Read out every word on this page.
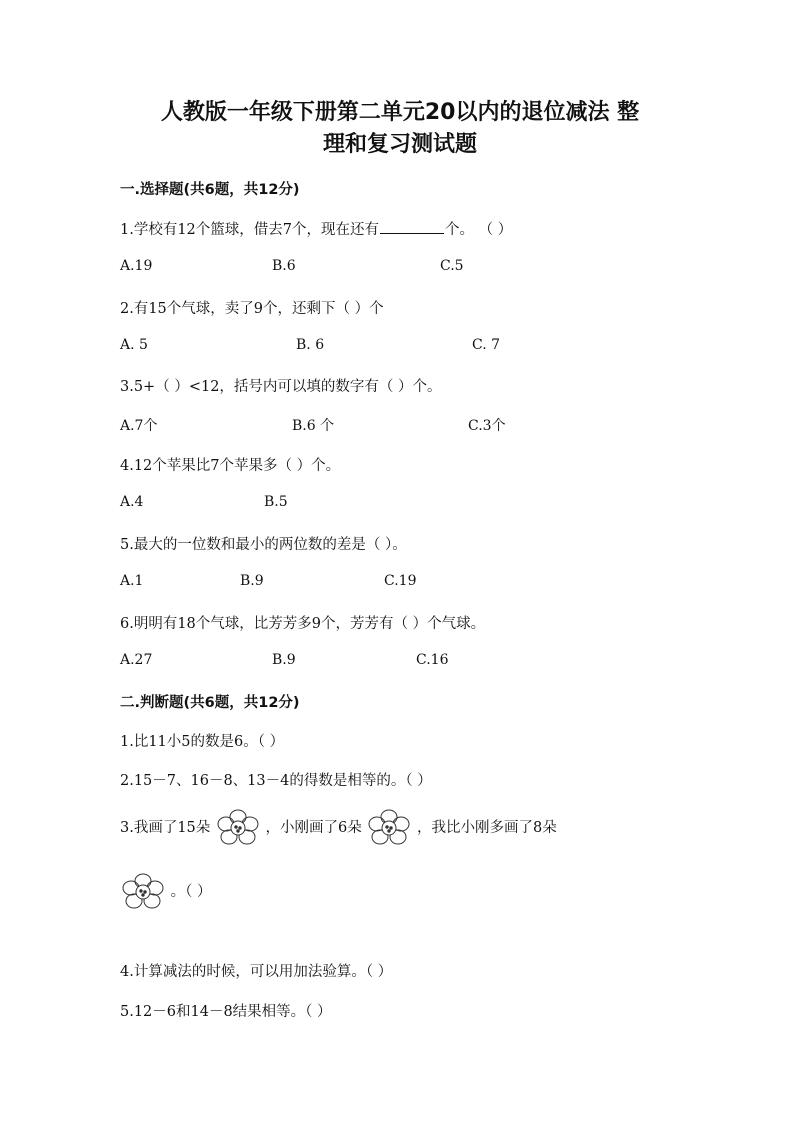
人教版一年级下册第二单元20以内的退位减法 整
理和复习测试题
一.选择题(共6题，共12分)
1.学校有12个篮球，借去7个，现在还有	个。 （ ）
A.19	B.6	C.5
2.有15个气球，卖了9个，还剩下（ ）个
A. 5	B. 6	C. 7
3.5+（ ）<12，括号内可以填的数字有（ ）个。
A.7个	B.6 个	C.3个
4.12个苹果比7个苹果多（ ）个。
A.4	B.5
5.最大的一位数和最小的两位数的差是（ ）。
A.1	B.9	C.19
6.明明有18个气球，比芳芳多9个，芳芳有（ ）个气球。
A.27	B.9	C.16
二.判断题(共6题，共12分)
1.比11小5的数是6。（ ）
2.15－7、16－8、13－4的得数是相等的。（ ）
3.我画了15朵	，小刚画了6朵	，我比小刚多画了8朵
。（ ）
4.计算减法的时候，可以用加法验算。（ ）
5.12－6和14－8结果相等。（ ）
